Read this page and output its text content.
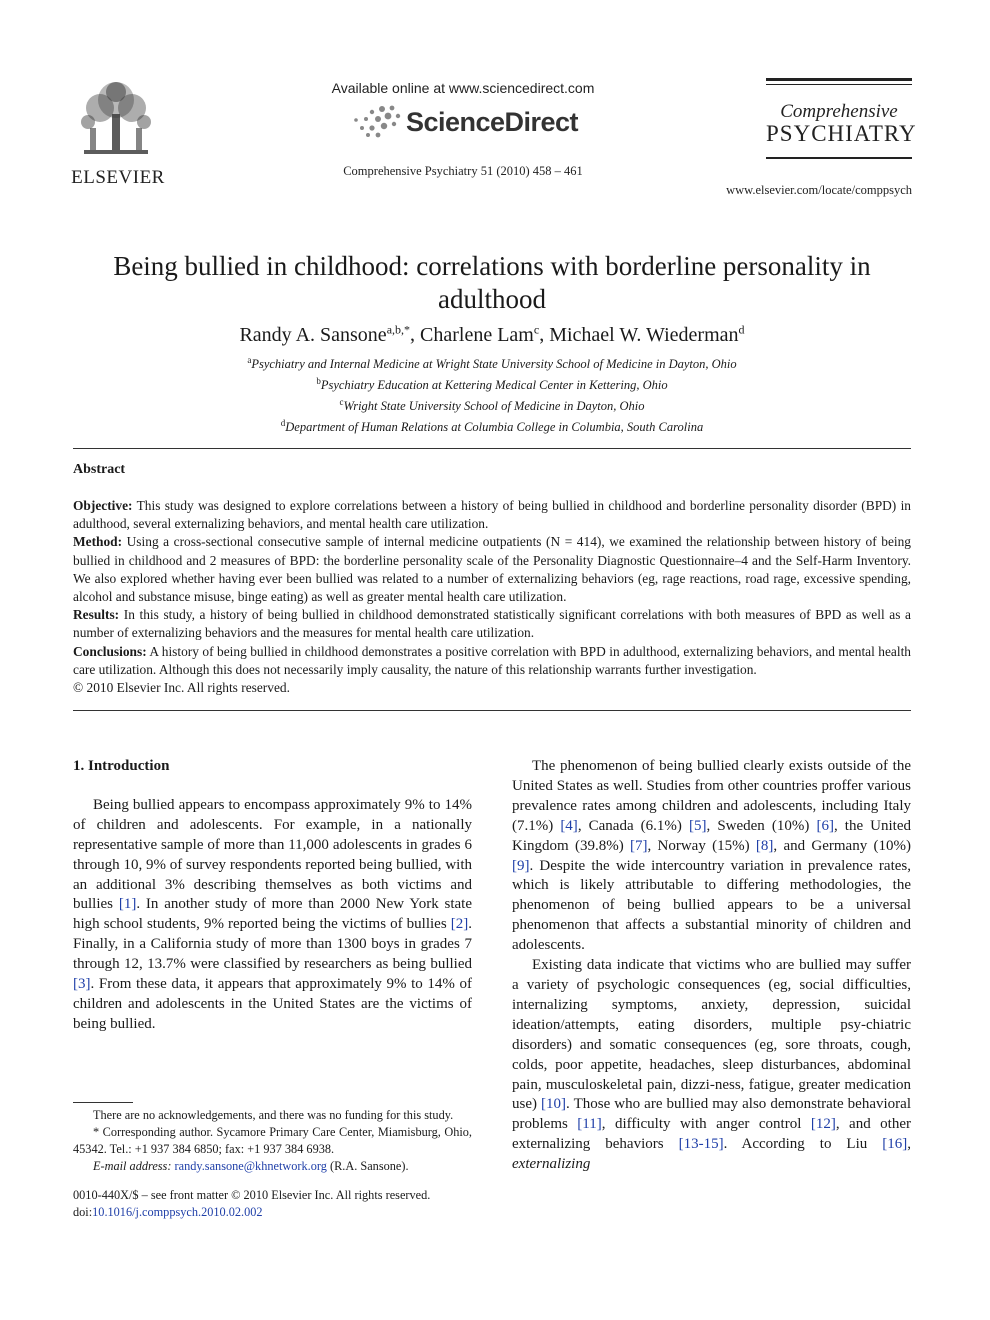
ELSEVIER
Available online at www.sciencedirect.com
ScienceDirect
Comprehensive Psychiatry 51 (2010) 458 – 461
Comprehensive
PSYCHIATRY
www.elsevier.com/locate/comppsych
Being bullied in childhood: correlations with borderline personality in adulthood
Randy A. Sansone$^{a,b,*}$, Charlene Lam$^c$, Michael W. Wiederman$^d$
$^a$Psychiatry and Internal Medicine at Wright State University School of Medicine in Dayton, Ohio
$^b$Psychiatry Education at Kettering Medical Center in Kettering, Ohio
$^c$Wright State University School of Medicine in Dayton, Ohio
$^d$Department of Human Relations at Columbia College in Columbia, South Carolina
Abstract

Objective: This study was designed to explore correlations between a history of being bullied in childhood and borderline personality disorder (BPD) in adulthood, several externalizing behaviors, and mental health care utilization.

Method: Using a cross-sectional consecutive sample of internal medicine outpatients (N = 414), we examined the relationship between history of being bullied in childhood and 2 measures of BPD: the borderline personality scale of the Personality Diagnostic Questionnaire–4 and the Self-Harm Inventory. We also explored whether having ever been bullied was related to a number of externalizing behaviors (eg, rage reactions, road rage, excessive spending, alcohol and substance misuse, binge eating) as well as greater mental health care utilization.

Results: In this study, a history of being bullied in childhood demonstrated statistically significant correlations with both measures of BPD as well as a number of externalizing behaviors and the measures for mental health care utilization.

Conclusions: A history of being bullied in childhood demonstrates a positive correlation with BPD in adulthood, externalizing behaviors, and mental health care utilization. Although this does not necessarily imply causality, the nature of this relationship warrants further investigation.

© 2010 Elsevier Inc. All rights reserved.

1. Introduction

Being bullied appears to encompass approximately 9% to 14% of children and adolescents. For example, in a nationally representative sample of more than 11,000 adolescents in grades 6 through 10, 9% of survey respondents reported being bullied, with an additional 3% describing themselves as both victims and bullies [1]. In another study of more than 2000 New York state high school students, 9% reported being the victims of bullies [2]. Finally, in a California study of more than 1300 boys in grades 7 through 12, 13.7% were classified by researchers as being bullied [3]. From these data, it appears that approximately 9% to 14% of children and adolescents in the United States are the victims of being bullied.

The phenomenon of being bullied clearly exists outside of the United States as well. Studies from other countries proffer various prevalence rates among children and adolescents, including Italy (7.1%) [4], Canada (6.1%) [5], Sweden (10%) [6], the United Kingdom (39.8%) [7], Norway (15%) [8], and Germany (10%) [9]. Despite the wide intercountry variation in prevalence rates, which is likely attributable to differing methodologies, the phenomenon of being bullied appears to be a universal phenomenon that affects a substantial minority of children and adolescents.

Existing data indicate that victims who are bullied may suffer a variety of psychologic consequences (eg, social difficulties, internalizing symptoms, anxiety, depression, suicidal ideation/attempts, eating disorders, multiple psy-chiatric disorders) and somatic consequences (eg, sore throats, cough, colds, poor appetite, headaches, sleep disturbances, abdominal pain, musculoskeletal pain, dizzi-ness, fatigue, greater medication use) [10]. Those who are bullied may also demonstrate behavioral problems [11], difficulty with anger control [12], and other externalizing behaviors [13-15]. According to Liu [16], externalizing

There are no acknowledgements, and there was no funding for this study.

* Corresponding author. Sycamore Primary Care Center, Miamisburg, Ohio, 45342. Tel.: +1 937 384 6850; fax: +1 937 384 6938.

E-mail address: randy.sansone@khnetwork.org (R.A. Sansone).

0010-440X/$ – see front matter © 2010 Elsevier Inc. All rights reserved.

doi:10.1016/j.comppsych.2010.02.002
